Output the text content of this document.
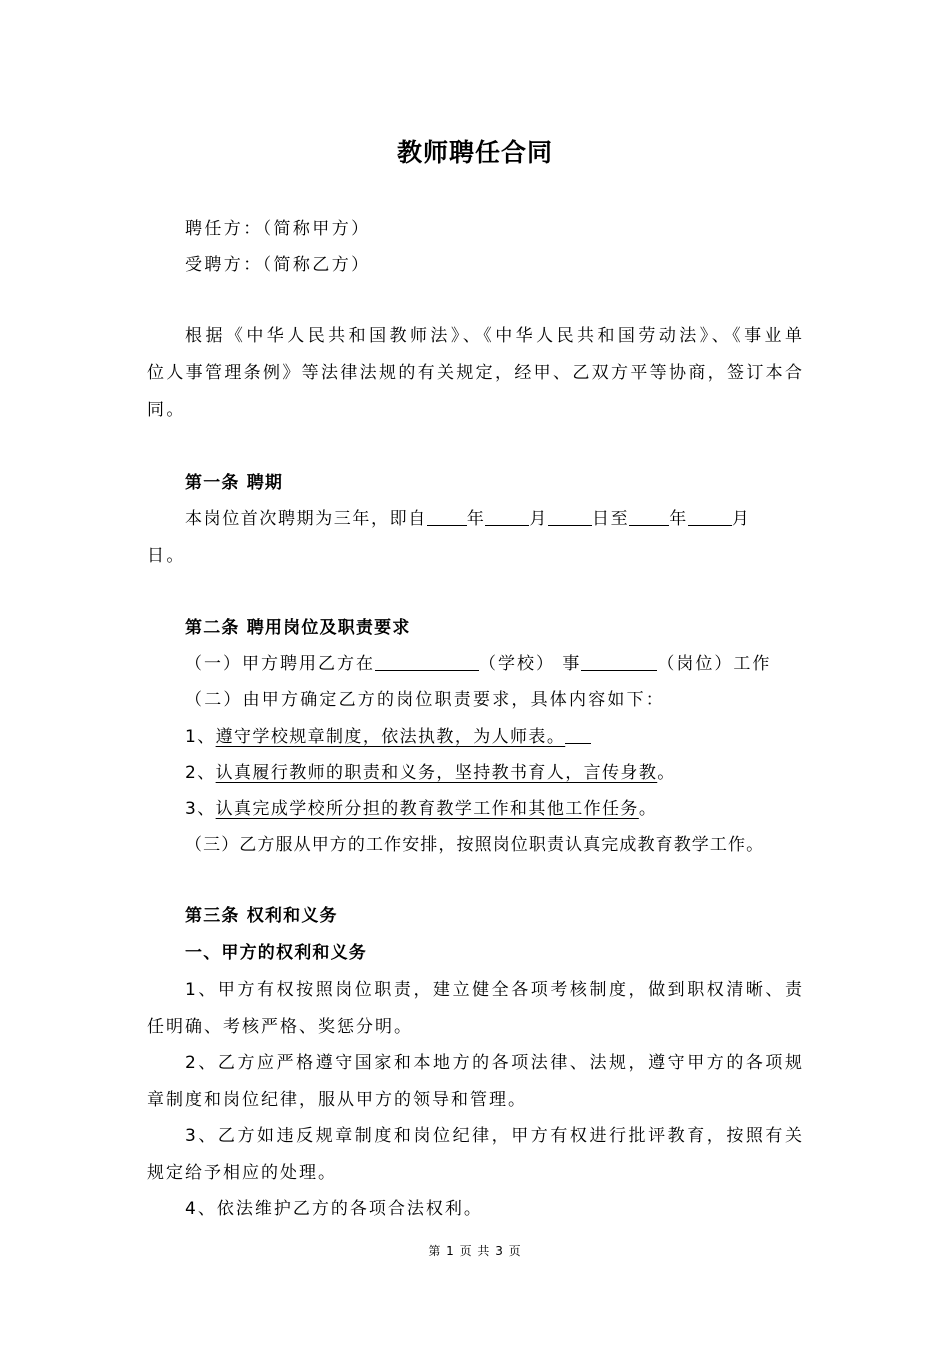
教师聘任合同
聘任方：（简称甲方）
受聘方：（简称乙方）
根据《中华人民共和国教师法》、《中华人民共和国劳动法》、《事业单
位人事管理条例》等法律法规的有关规定，经甲、乙双方平等协商，签订本合
同。
第一条 聘期
本岗位首次聘期为三年，即自 年	月	日至 年	月
日。
第二条 聘用岗位及职责要求
（一）甲方聘用乙方在	（学校） 事	（岗位）工作
（二）由甲方确定乙方的岗位职责要求，具体内容如下：
1、遵守学校规章制度，依法执教，为人师表。
2、认真履行教师的职责和义务，坚持教书育人，言传身教。
3、认真完成学校所分担的教育教学工作和其他工作任务。
（三）乙方服从甲方的工作安排，按照岗位职责认真完成教育教学工作。
第三条 权利和义务
一、甲方的权利和义务
1、甲方有权按照岗位职责，建立健全各项考核制度，做到职权清晰、责
任明确、考核严格、奖惩分明。
2、乙方应严格遵守国家和本地方的各项法律、法规，遵守甲方的各项规
章制度和岗位纪律，服从甲方的领导和管理。
3、乙方如违反规章制度和岗位纪律，甲方有权进行批评教育，按照有关
规定给予相应的处理。
4、依法维护乙方的各项合法权利。
第 1 页 共 3 页
